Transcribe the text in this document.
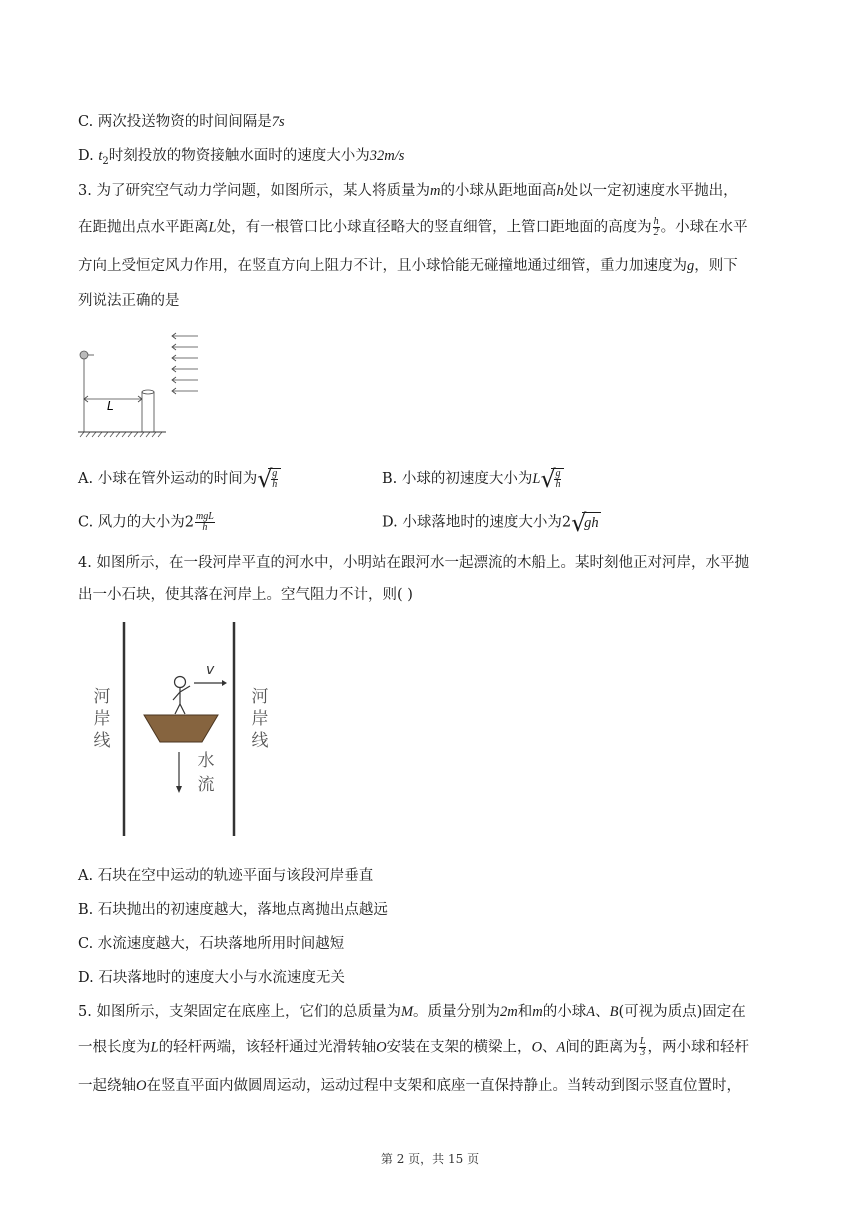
C. 两次投送物资的时间间隔是7s
D. $t_2$时刻投放的物资接触水面时的速度大小为32m/s
3. 为了研究空气动力学问题，如图所示，某人将质量为m的小球从距地面高h处以一定初速度水平抛出，
在距抛出点水平距离L处，有一根管口比小球直径略大的竖直细管，上管口距地面的高度为 $\frac{h}{2}$ 。小球在水平
方向上受恒定风力作用，在竖直方向上阻力不计，且小球恰能无碰撞地通过细管，重力加速度为g，则下
列说法正确的是
L
A. 小球在管外运动的时间为 √
$\frac{g}{h}$	B. 小球的初速度大小为L √
$\frac{g}{h}$
C. 风力的大小为$2 \frac{\text{mgL}}{h}$	D. 小球落地时的速度大小为2 √
gh
4. 如图所示，在一段河岸平直的河水中，小明站在跟河水一起漂流的木船上。某时刻他正对河岸，水平抛
出一小石块，使其落在河岸上。空气阻力不计，则( )
河
岸
线
河
岸
线
水
流
v
A. 石块在空中运动的轨迹平面与该段河岸垂直
B. 石块抛出的初速度越大，落地点离抛出点越远
C. 水流速度越大，石块落地所用时间越短
D. 石块落地时的速度大小与水流速度无关
5. 如图所示，支架固定在底座上，它们的总质量为M。质量分别为2m和m的小球A、B(可视为质点)固定在
一根长度为L的轻杆两端，该轻杆通过光滑转轴O安装在支架的横梁上，O、A间的距离为 $\frac{L}{3}$ ，两小球和轻杆
一起绕轴O在竖直平面内做圆周运动，运动过程中支架和底座一直保持静止。当转动到图示竖直位置时，
第 2 页，共 15 页
